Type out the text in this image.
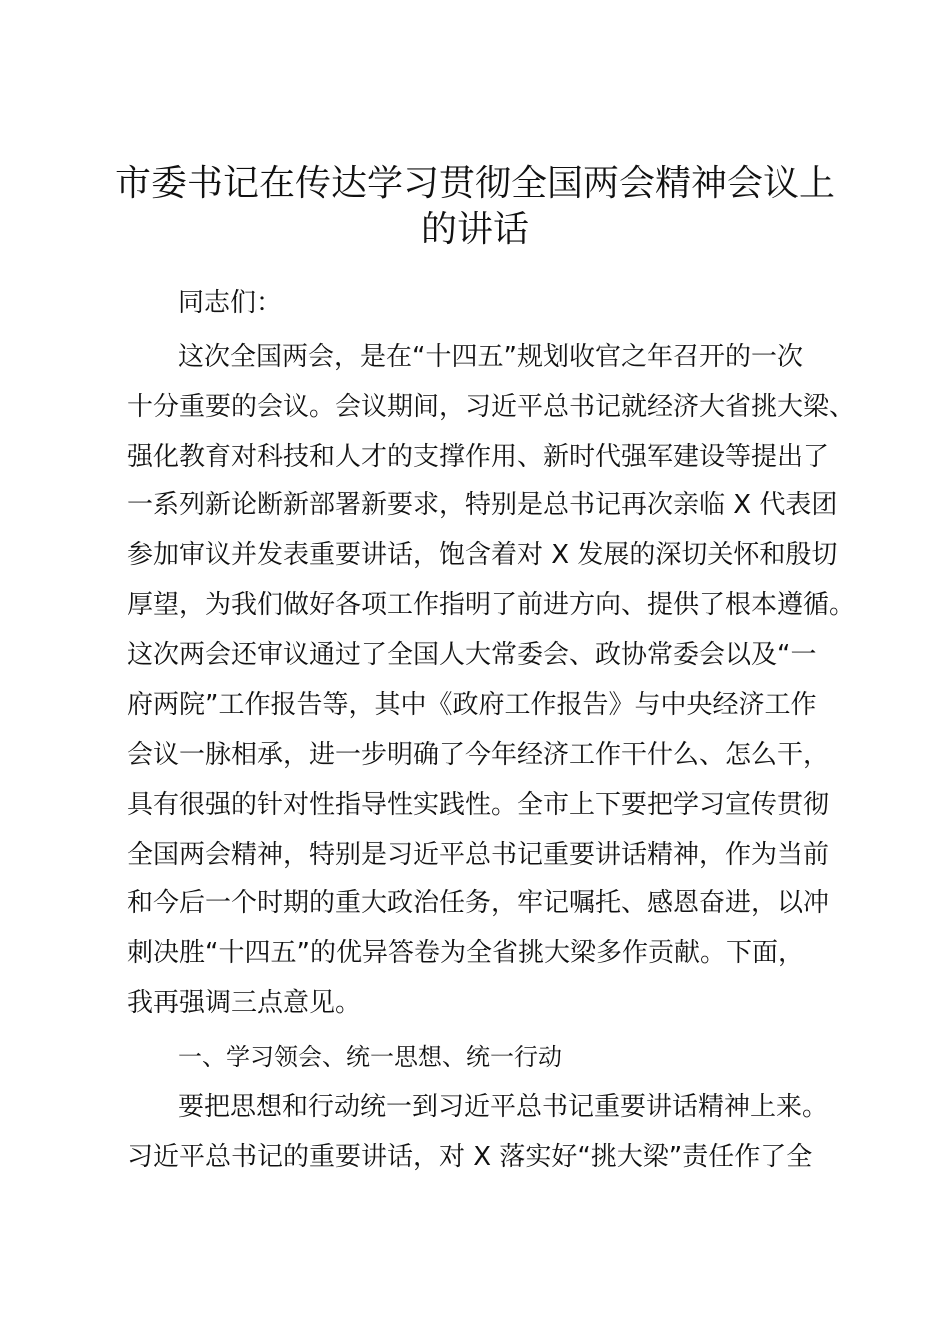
市委书记在传达学习贯彻全国两会精神会议上
的讲话

同志们：

这次全国两会，是在“十四五”规划收官之年召开的一次

十分重要的会议。会议期间，习近平总书记就经济大省挑大梁、

强化教育对科技和人才的支撑作用、新时代强军建设等提出了

一系列新论断新部署新要求，特别是总书记再次亲临 X 代表团

参加审议并发表重要讲话，饱含着对 X 发展的深切关怀和殷切

厚望，为我们做好各项工作指明了前进方向、提供了根本遵循。

这次两会还审议通过了全国人大常委会、政协常委会以及“一

府两院”工作报告等，其中《政府工作报告》与中央经济工作

会议一脉相承，进一步明确了今年经济工作干什么、怎么干，

具有很强的针对性指导性实践性。全市上下要把学习宣传贯彻

全国两会精神，特别是习近平总书记重要讲话精神，作为当前

和今后一个时期的重大政治任务，牢记嘱托、感恩奋进，以冲

刺决胜“十四五”的优异答卷为全省挑大梁多作贡献。下面，

我再强调三点意见。

一、学习领会、统一思想、统一行动

要把思想和行动统一到习近平总书记重要讲话精神上来。

习近平总书记的重要讲话，对 X 落实好“挑大梁”责任作了全
